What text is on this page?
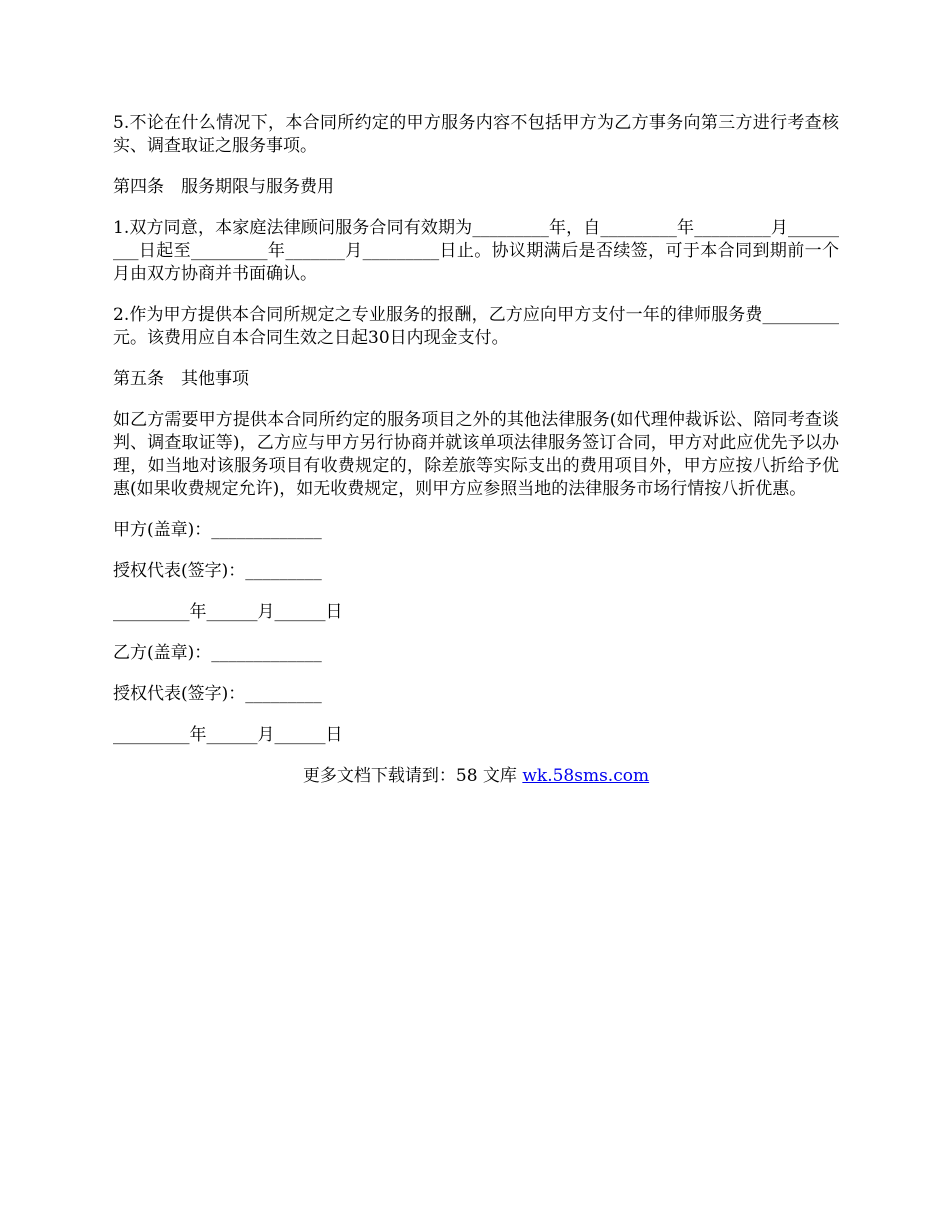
5.不论在什么情况下，本合同所约定的甲方服务内容不包括甲方为乙方事务向第三方进行考查核实、调查取证之服务事项。

第四条　服务期限与服务费用

1.双方同意，本家庭法律顾问服务合同有效期为_________年，自_________年_________月_________日起至_________年_______月_________日止。协议期满后是否续签，可于本合同到期前一个月由双方协商并书面确认。

2.作为甲方提供本合同所规定之专业服务的报酬，乙方应向甲方支付一年的律师服务费_________元。该费用应自本合同生效之日起30日内现金支付。

第五条　其他事项

如乙方需要甲方提供本合同所约定的服务项目之外的其他法律服务(如代理仲裁诉讼、陪同考查谈判、调查取证等)，乙方应与甲方另行协商并就该单项法律服务签订合同，甲方对此应优先予以办理，如当地对该服务项目有收费规定的，除差旅等实际支出的费用项目外，甲方应按八折给予优惠(如果收费规定允许)，如无收费规定，则甲方应参照当地的法律服务市场行情按八折优惠。

甲方(盖章)：_____________
授权代表(签字)：_________
_________年______月______日
乙方(盖章)：_____________
授权代表(签字)：_________
_________年______月______日
更多文档下载请到：58 文库 wk.58sms.com
